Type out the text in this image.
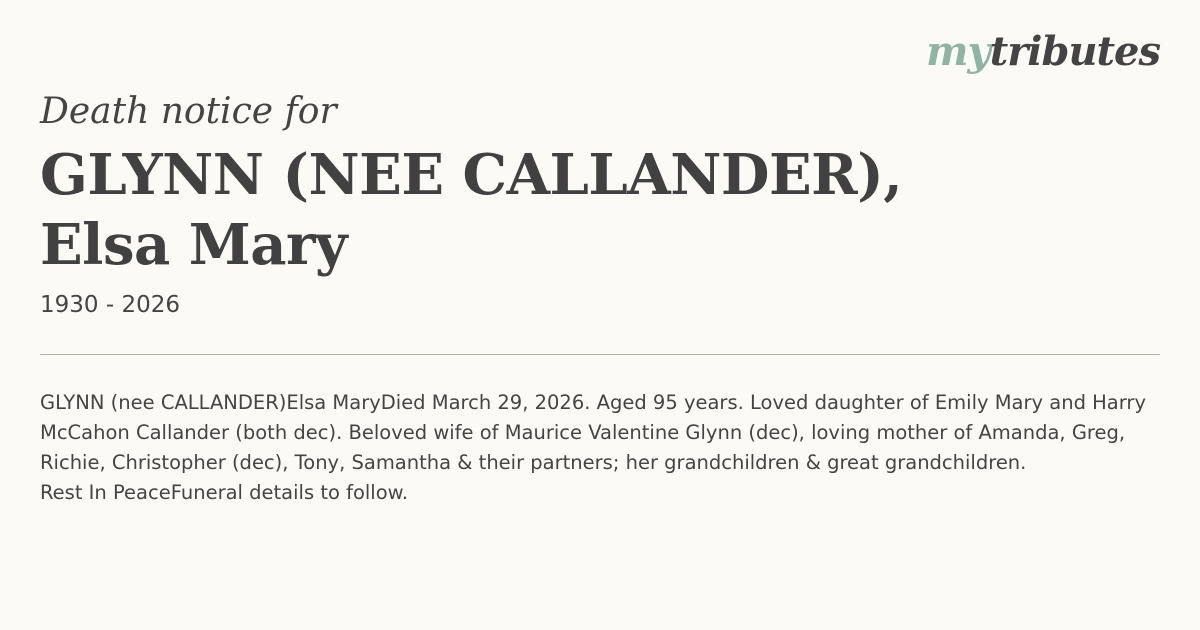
mytributes

Death notice for

GLYNN (NEE CALLANDER),
Elsa Mary

1930 - 2026

GLYNN (nee CALLANDER)Elsa MaryDied March 29, 2026. Aged 95 years. Loved daughter of Emily Mary and Harry
McCahon Callander (both dec). Beloved wife of Maurice Valentine Glynn (dec), loving mother of Amanda, Greg,
Richie, Christopher (dec), Tony, Samantha & their partners; her grandchildren & great grandchildren.
Rest In PeaceFuneral details to follow.
